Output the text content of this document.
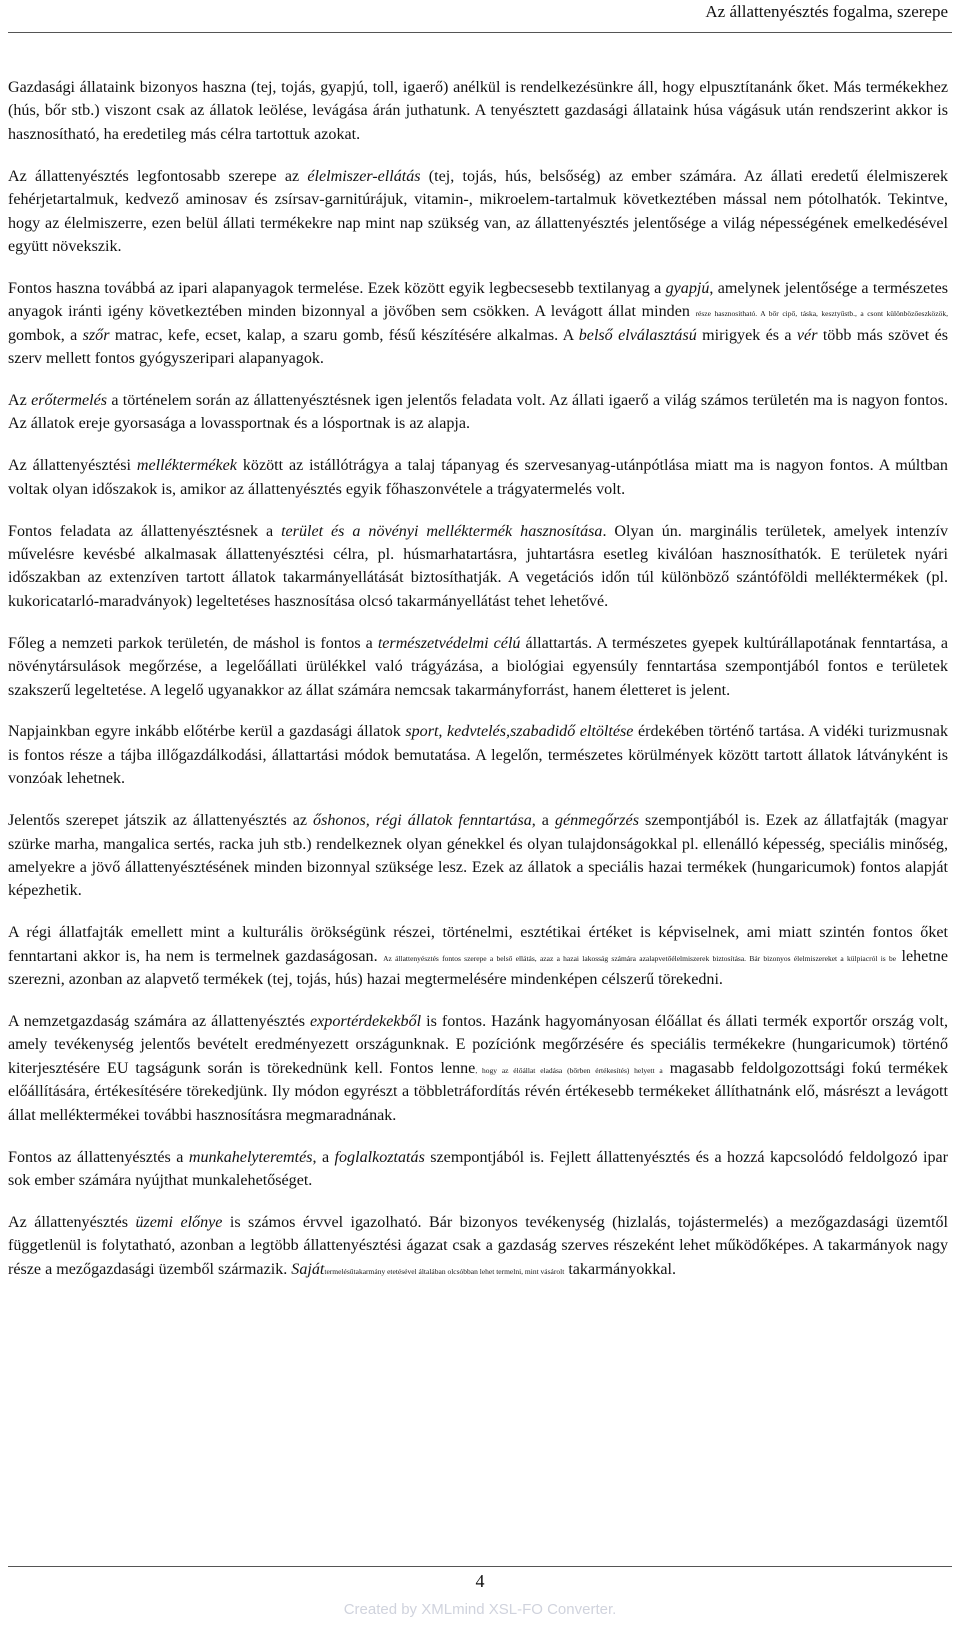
Az állattenyésztés fogalma, szerepe

Gazdasági állataink bizonyos haszna (tej, tojás, gyapjú, toll, igaerő) anélkül is rendelkezésünkre áll, hogy elpusztítanánk őket. Más termékekhez (hús, bőr stb.) viszont csak az állatok leölése, levágása árán juthatunk. A tenyésztett gazdasági állataink húsa vágásuk után rendszerint akkor is hasznosítható, ha eredetileg más célra tartottuk azokat.

Az állattenyésztés legfontosabb szerepe az élelmiszer-ellátás (tej, tojás, hús, belsőség) az ember számára. Az állati eredetű élelmiszerek fehérjetartalmuk, kedvező aminosav és zsírsav-garnitúrájuk, vitamin-, mikroelem-tartalmuk következtében mással nem pótolhatók. Tekintve, hogy az élelmiszerre, ezen belül állati termékekre nap mint nap szükség van, az állattenyésztés jelentősége a világ népességének emelkedésével együtt növekszik.

Fontos haszna továbbá az ipari alapanyagok termelése. Ezek között egyik legbecsesebb textilanyag a gyapjú, amelynek jelentősége a természetes anyagok iránti igény következtében minden bizonnyal a jövőben sem csökken. A levágott állat minden része hasznosítható. A bőr cipő, táska, kesztyűstb., a csont különbözőeszközök, gombok, a szőr matrac, kefe, ecset, kalap, a szaru gomb, fésű készítésére alkalmas. A belső elválasztású mirigyek és a vér több más szövet és szerv mellett fontos gyógyszeripari alapanyagok.

Az erőtermelés a történelem során az állattenyésztésnek igen jelentős feladata volt. Az állati igaerő a világ számos területén ma is nagyon fontos. Az állatok ereje gyorsasága a lovassportnak és a lósportnak is az alapja.

Az állattenyésztési melléktermékek között az istállótrágya a talaj tápanyag és szervesanyag-utánpótlása miatt ma is nagyon fontos. A múltban voltak olyan időszakok is, amikor az állattenyésztés egyik főhaszonvétele a trágyatermelés volt.

Fontos feladata az állattenyésztésnek a terület és a növényi melléktermék hasznosítása. Olyan ún. marginális területek, amelyek intenzív művelésre kevésbé alkalmasak állattenyésztési célra, pl. húsmarhatartásra, juhtartásra esetleg kiválóan hasznosíthatók. E területek nyári időszakban az extenzíven tartott állatok takarmányellátását biztosíthatják. A vegetációs időn túl különböző szántóföldi melléktermékek (pl. kukoricatarló-maradványok) legeltetéses hasznosítása olcsó takarmányellátást tehet lehetővé.

Főleg a nemzeti parkok területén, de máshol is fontos a természetvédelmi célú állattartás. A természetes gyepek kultúrállapotának fenntartása, a növénytársulások megőrzése, a legelőállati ürülékkel való trágyázása, a biológiai egyensúly fenntartása szempontjából fontos e területek szakszerű legeltetése. A legelő ugyanakkor az állat számára nemcsak takarmányforrást, hanem életteret is jelent.

Napjainkban egyre inkább előtérbe kerül a gazdasági állatok sport, kedvtelés,szabadidő eltöltése érdekében történő tartása. A vidéki turizmusnak is fontos része a tájba illőgazdálkodási, állattartási módok bemutatása. A legelőn, természetes körülmények között tartott állatok látványként is vonzóak lehetnek.

Jelentős szerepet játszik az állattenyésztés az őshonos, régi állatok fenntartása, a génmegőrzés szempontjából is. Ezek az állatfajták (magyar szürke marha, mangalica sertés, racka juh stb.) rendelkeznek olyan génekkel és olyan tulajdonságokkal pl. ellenálló képesség, speciális minőség, amelyekre a jövő állattenyésztésének minden bizonnyal szüksége lesz. Ezek az állatok a speciális hazai termékek (hungaricumok) fontos alapját képezhetik.

A régi állatfajták emellett mint a kulturális örökségünk részei, történelmi, esztétikai értéket is képviselnek, ami miatt szintén fontos őket fenntartani akkor is, ha nem is termelnek gazdaságosan. Az állattenyésztés fontos szerepe a belső ellátás, azaz a hazai lakosság számára azalapvetőélelmiszerek biztosítása. Bár bizonyos élelmiszereket a külpiacról is be lehetne szerezni, azonban az alapvető termékek (tej, tojás, hús) hazai megtermelésére mindenképen célszerű törekedni.

A nemzetgazdaság számára az állattenyésztés exportérdekekből is fontos. Hazánk hagyományosan élőállat és állati termék exportőr ország volt, amely tevékenység jelentős bevételt eredményezett országunknak. E pozíciónk megőrzésére és speciális termékekre (hungaricumok) történő kiterjesztésére EU tagságunk során is törekednünk kell. Fontos lenne, hogy az élőállat eladása (bőrben értékesítés) helyett a magasabb feldolgozottsági fokú termékek előállítására, értékesítésére törekedjünk. Ily módon egyrészt a többletráfordítás révén értékesebb termékeket állíthatnánk elő, másrészt a levágott állat melléktermékei további hasznosításra megmaradnának.

Fontos az állattenyésztés a munkahelyteremtés, a foglalkoztatás szempontjából is. Fejlett állattenyésztés és a hozzá kapcsolódó feldolgozó ipar sok ember számára nyújthat munkalehetőséget.

Az állattenyésztés üzemi előnye is számos érvvel igazolható. Bár bizonyos tevékenység (hizlalás, tojástermelés) a mezőgazdasági üzemtől függetlenül is folytatható, azonban a legtöbb állattenyésztési ágazat csak a gazdaság szerves részeként lehet működőképes. A takarmányok nagy része a mezőgazdasági üzemből származik. Sajáttermelésűtakarmány etetésével általában olcsóbban lehet termelni, mint vásárolt takarmányokkal.

4
Created by XMLmind XSL-FO Converter.
